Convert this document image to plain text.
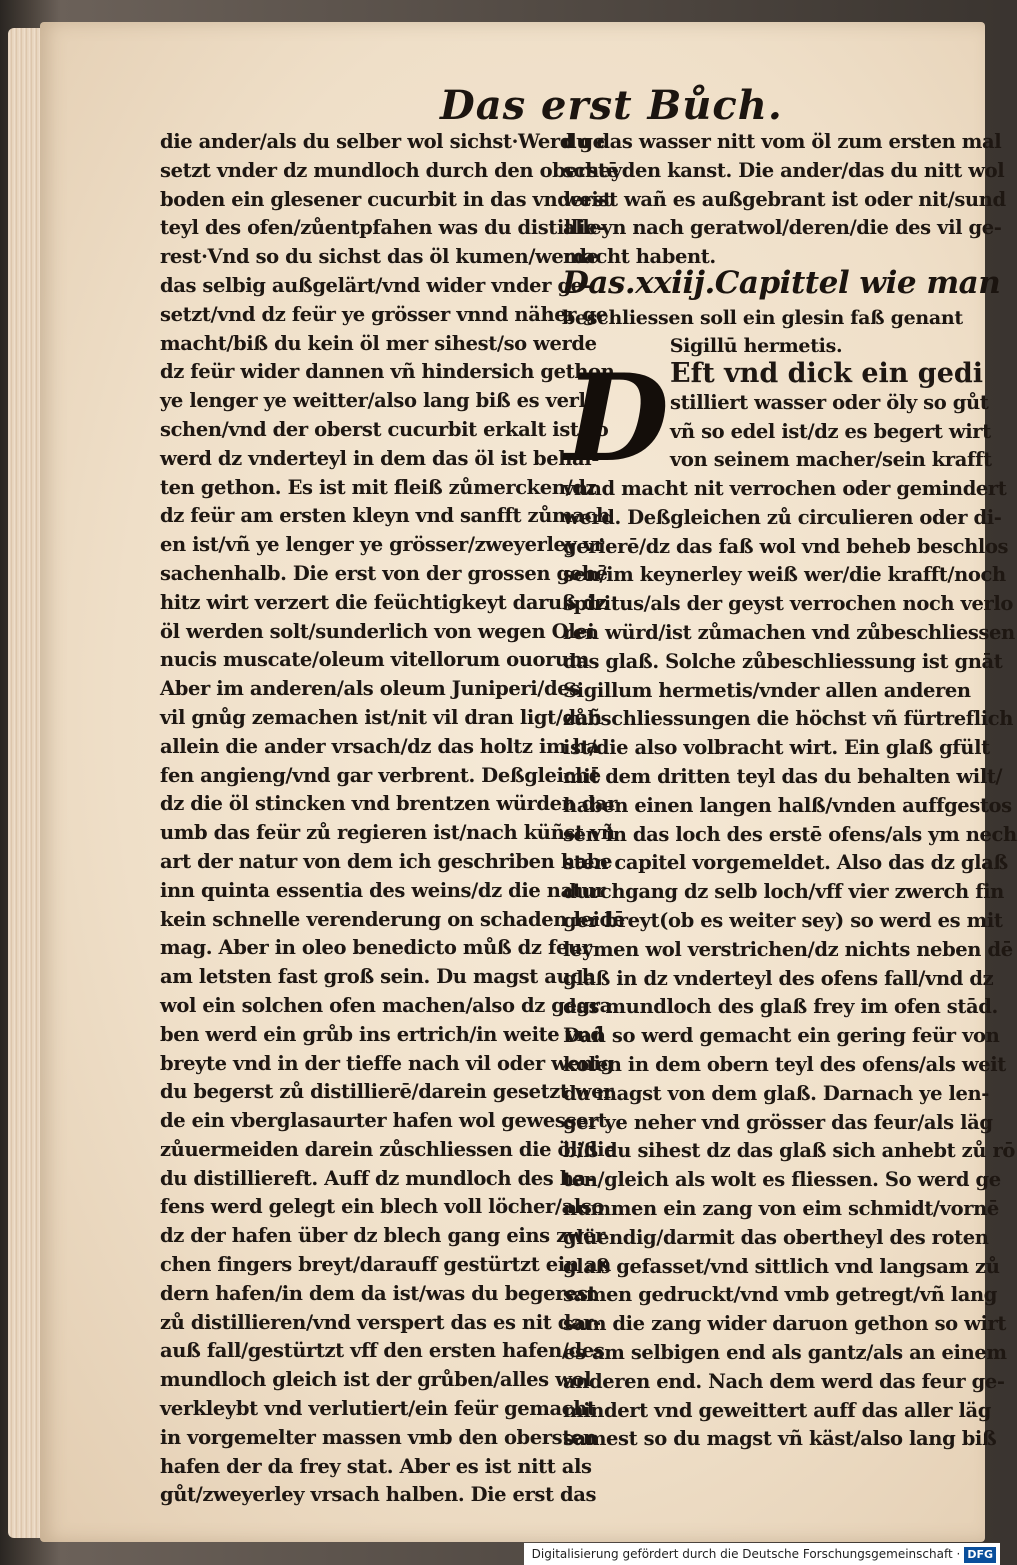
Das erst Bůch.
die ander/als du selber wol sichst·Werd ge
setzt vnder dz mundloch durch den oberstē
boden ein glesener cucurbit in das vnderst
teyl des ofen/zůentpfahen was du distillie-
rest·Vnd so du sichst das öl kumen/werde
das selbig außgelärt/vnd wider vnder ge-
setzt/vnd dz feür ye grösser vnnd näher ge
macht/biß du kein öl mer sihest/so werde
dz feür wider dannen vñ hindersich gethon
ye lenger ye weitter/also lang biß es verlo-
schen/vnd der oberst cucurbit erkalt ist/so
werd dz vnderteyl in dem das öl ist behal-
ten gethon. Es ist mit fleiß zůmercken/dz
dz feür am ersten kleyn vnd sanfft zůmach
en ist/vñ ye lenger ye grösser/zweyerley vr
sachenhalb. Die erst von der grossen gehē
hitz wirt verzert die feüchtigkeyt daruß dz
öl werden solt/sunderlich von wegen Olei
nucis muscate/oleum vitellorum ouorum
Aber im anderen/als oleum Juniperi/des
vil gnůg zemachen ist/nit vil dran ligt/dañ
allein die ander vrsach/dz das holtz im ha
fen angieng/vnd gar verbrent. Deßgleichē
dz die öl stincken vnd brentzen würden dar
umb das feür zů regieren ist/nach küñst vñ
art der natur von dem ich geschriben habe
inn quinta essentia des weins/dz die natur
kein schnelle verenderung on schaden leidē
mag. Aber in oleo benedicto můß dz feur
am letsten fast groß sein. Du magst auch
wol ein solchen ofen machen/also dz gegra
ben werd ein grůb ins ertrich/in weite vnd
breyte vnd in der tieffe nach vil oder wenig
du begerst zů distillierē/darein gesetzt wer
de ein vberglasaurter hafen wol gewessert
zůuermeiden darein zůschliessen die öl/die
du distilliereft. Auff dz mundloch des ha-
fens werd gelegt ein blech voll löcher/also
dz der hafen über dz blech gang eins zwer
chen fingers breyt/darauff gestürtzt ein an
dern hafen/in dem da ist/was du begerest
zů distillieren/vnd verspert das es nit dar-
auß fall/gestürtzt vff den ersten hafen/des
mundloch gleich ist der grůben/alles wol
verkleybt vnd verlutiert/ein feür gemacht
in vorgemelter massen vmb den obersten
hafen der da frey stat. Aber es ist nitt als
gůt/zweyerley vrsach halben. Die erst das
du das wasser nitt vom öl zum ersten mal
scheyden kanst. Die ander/das du nitt wol
weist wañ es außgebrant ist oder nit/sund
alleyn nach geratwol/deren/die des vil ge-
macht habent.
Das.xxiij.Capittel wie man
beschliessen soll ein glesin faß genant
Sigillū hermetis.
D Eft vnd dick ein gedi
stilliert wasser oder öly so gůt
vñ so edel ist/dz es begert wirt
von seinem macher/sein krafft
vnnd macht nit verrochen oder gemindert
werd. Deßgleichen zů circulieren oder di-
gerierē/dz das faß wol vnd beheb beschlos
sen/im keynerley weiß wer/die krafft/noch
spiritus/als der geyst verrochen noch verlo
ren würd/ist zůmachen vnd zůbeschliessen
das glaß. Solche zůbeschliessung ist gnāt
Sigillum hermetis/vnder allen anderen
zůbschliessungen die höchst vñ fürtreflich
ist/die also volbracht wirt. Ein glaß gfült
mit dem dritten teyl das du behalten wilt/
haben einen langen halß/vnden auffgestos
sen in das loch des erstē ofens/als ym nech
sten capitel vorgemeldet. Also das dz glaß
durchgang dz selb loch/vff vier zwerch fin
ger breyt(ob es weiter sey) so werd es mit
leymen wol verstrichen/dz nichts neben dē
glaß in dz vnderteyl des ofens fall/vnd dz
das mundloch des glaß frey im ofen stād.
Dañ so werd gemacht ein gering feür von
kolen in dem obern teyl des ofens/als weit
du magst von dem glaß. Darnach ye len-
ger ye neher vnd grösser das feur/als läg
biß du sihest dz das glaß sich anhebt zů rō
ten/gleich als wolt es fliessen. So werd ge
nummen ein zang von eim schmidt/vornē
glüendig/darmit das obertheyl des roten
glaß gefasset/vnd sittlich vnd langsam zů
samen gedruckt/vnd vmb getregt/vñ lang
sam die zang wider daruon gethon so wirt
es am selbigen end als gantz/als an einem
anderen end. Nach dem werd das feur ge-
mindert vnd geweittert auff das aller läg
samest so du magst vñ käst/also lang biß
Digitalisierung gefördert durch die Deutsche Forschungsgemeinschaft · DFG
